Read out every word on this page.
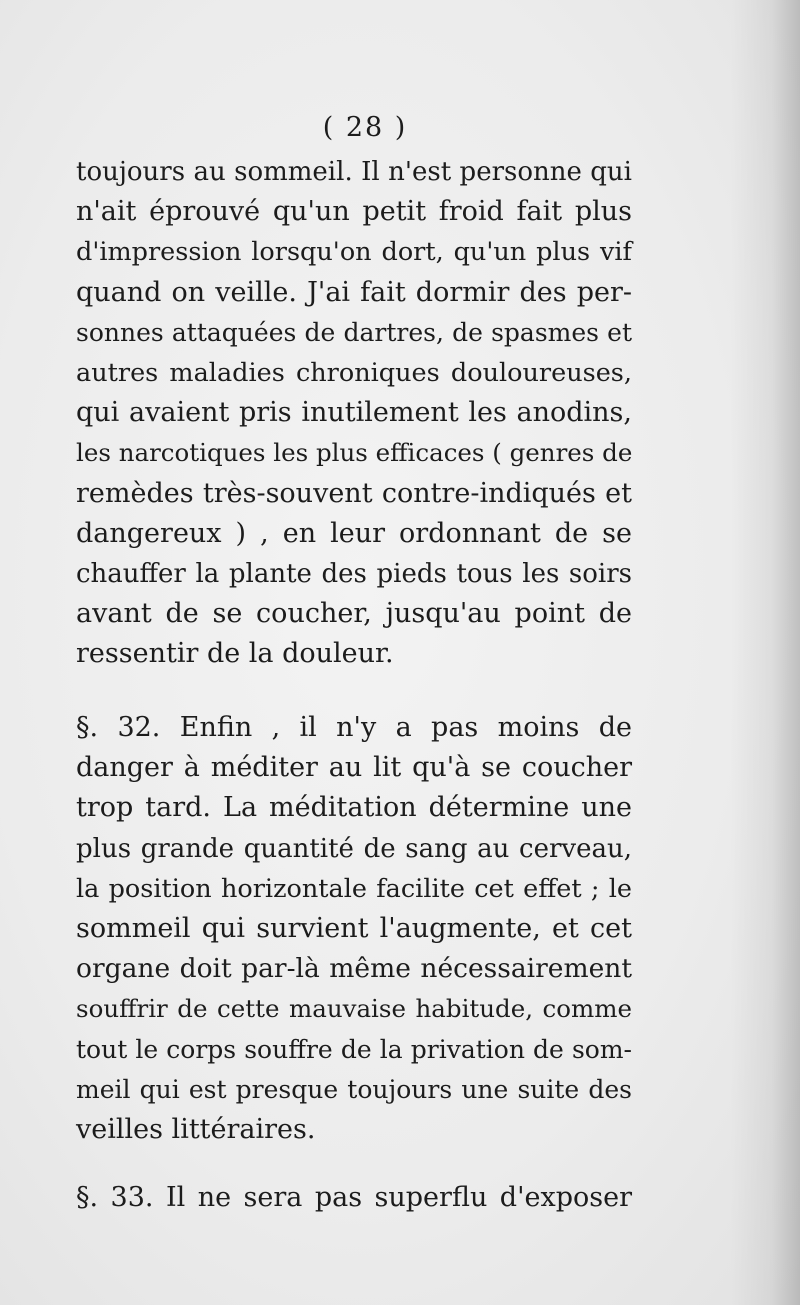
( 28 )
toujours au sommeil. Il n'est personne qui
n'ait éprouvé qu'un petit froid fait plus
d'impression lorsqu'on dort, qu'un plus vif
quand on veille. J'ai fait dormir des per-
sonnes attaquées de dartres, de spasmes et
autres maladies chroniques douloureuses,
qui avaient pris inutilement les anodins,
les narcotiques les plus efficaces ( genres de
remèdes très-souvent contre-indiqués et
dangereux ) , en leur ordonnant de se
chauffer la plante des pieds tous les soirs
avant de se coucher, jusqu'au point de
ressentir de la douleur.
§. 32. Enfin , il n'y a pas moins de
danger à méditer au lit qu'à se coucher
trop tard. La méditation détermine une
plus grande quantité de sang au cerveau,
la position horizontale facilite cet effet ; le
sommeil qui survient l'augmente, et cet
organe doit par-là même nécessairement
souffrir de cette mauvaise habitude, comme
tout le corps souffre de la privation de som-
meil qui est presque toujours une suite des
veilles littéraires.
§. 33. Il ne sera pas superflu d'exposer
